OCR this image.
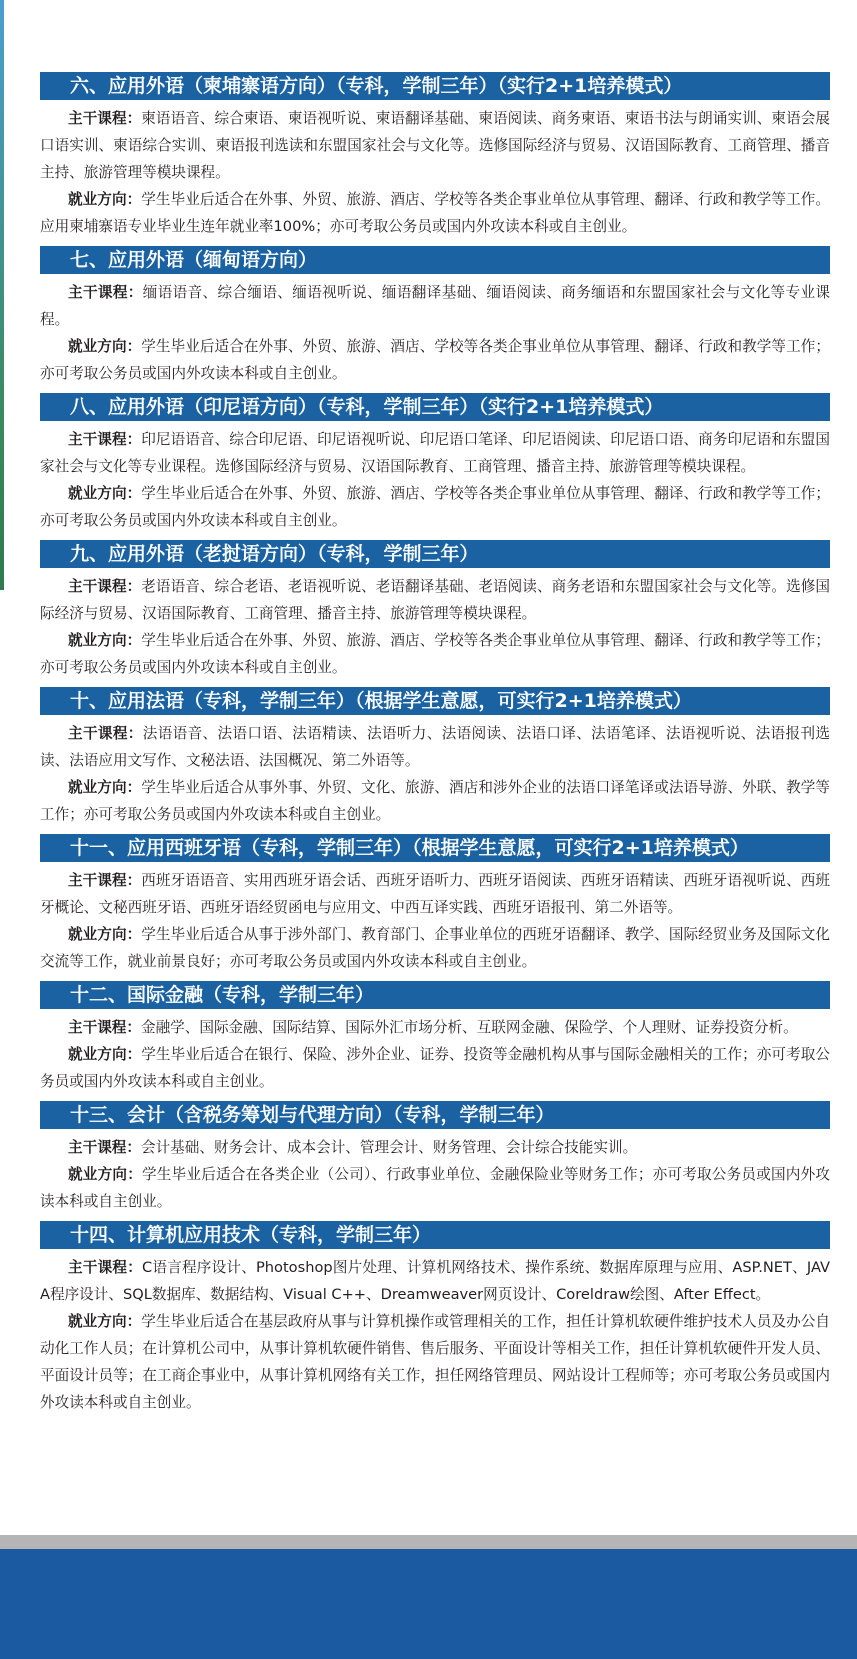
六、应用外语（柬埔寨语方向）（专科，学制三年）（实行2+1培养模式）

主干课程：柬语语音、综合柬语、柬语视听说、柬语翻译基础、柬语阅读、商务柬语、柬语书法与朗诵实训、柬语会展口语实训、柬语综合实训、柬语报刊选读和东盟国家社会与文化等。选修国际经济与贸易、汉语国际教育、工商管理、播音主持、旅游管理等模块课程。

就业方向：学生毕业后适合在外事、外贸、旅游、酒店、学校等各类企事业单位从事管理、翻译、行政和教学等工作。应用柬埔寨语专业毕业生连年就业率100%；亦可考取公务员或国内外攻读本科或自主创业。

七、应用外语（缅甸语方向）

主干课程：缅语语音、综合缅语、缅语视听说、缅语翻译基础、缅语阅读、商务缅语和东盟国家社会与文化等专业课程。

就业方向：学生毕业后适合在外事、外贸、旅游、酒店、学校等各类企事业单位从事管理、翻译、行政和教学等工作；亦可考取公务员或国内外攻读本科或自主创业。

八、应用外语（印尼语方向）（专科，学制三年）（实行2+1培养模式）

主干课程：印尼语语音、综合印尼语、印尼语视听说、印尼语口笔译、印尼语阅读、印尼语口语、商务印尼语和东盟国家社会与文化等专业课程。选修国际经济与贸易、汉语国际教育、工商管理、播音主持、旅游管理等模块课程。

就业方向：学生毕业后适合在外事、外贸、旅游、酒店、学校等各类企事业单位从事管理、翻译、行政和教学等工作；亦可考取公务员或国内外攻读本科或自主创业。

九、应用外语（老挝语方向）（专科，学制三年）

主干课程：老语语音、综合老语、老语视听说、老语翻译基础、老语阅读、商务老语和东盟国家社会与文化等。选修国际经济与贸易、汉语国际教育、工商管理、播音主持、旅游管理等模块课程。

就业方向：学生毕业后适合在外事、外贸、旅游、酒店、学校等各类企事业单位从事管理、翻译、行政和教学等工作；亦可考取公务员或国内外攻读本科或自主创业。

十、应用法语（专科，学制三年）（根据学生意愿，可实行2+1培养模式）

主干课程：法语语音、法语口语、法语精读、法语听力、法语阅读、法语口译、法语笔译、法语视听说、法语报刊选读、法语应用文写作、文秘法语、法国概况、第二外语等。

就业方向：学生毕业后适合从事外事、外贸、文化、旅游、酒店和涉外企业的法语口译笔译或法语导游、外联、教学等工作；亦可考取公务员或国内外攻读本科或自主创业。

十一、应用西班牙语（专科，学制三年）（根据学生意愿，可实行2+1培养模式）

主干课程：西班牙语语音、实用西班牙语会话、西班牙语听力、西班牙语阅读、西班牙语精读、西班牙语视听说、西班牙概论、文秘西班牙语、西班牙语经贸函电与应用文、中西互译实践、西班牙语报刊、第二外语等。

就业方向：学生毕业后适合从事于涉外部门、教育部门、企事业单位的西班牙语翻译、教学、国际经贸业务及国际文化交流等工作，就业前景良好；亦可考取公务员或国内外攻读本科或自主创业。

十二、国际金融（专科，学制三年）

主干课程：金融学、国际金融、国际结算、国际外汇市场分析、互联网金融、保险学、个人理财、证券投资分析。

就业方向：学生毕业后适合在银行、保险、涉外企业、证券、投资等金融机构从事与国际金融相关的工作；亦可考取公务员或国内外攻读本科或自主创业。

十三、会计（含税务筹划与代理方向）（专科，学制三年）

主干课程：会计基础、财务会计、成本会计、管理会计、财务管理、会计综合技能实训。

就业方向：学生毕业后适合在各类企业（公司）、行政事业单位、金融保险业等财务工作；亦可考取公务员或国内外攻读本科或自主创业。

十四、计算机应用技术（专科，学制三年）

主干课程：C语言程序设计、Photoshop图片处理、计算机网络技术、操作系统、数据库原理与应用、ASP.NET、JAVA程序设计、SQL数据库、数据结构、Visual C++、Dreamweaver网页设计、Coreldraw绘图、After Effect。

就业方向：学生毕业后适合在基层政府从事与计算机操作或管理相关的工作，担任计算机软硬件维护技术人员及办公自动化工作人员；在计算机公司中，从事计算机软硬件销售、售后服务、平面设计等相关工作，担任计算机软硬件开发人员、平面设计员等；在工商企事业中，从事计算机网络有关工作，担任网络管理员、网站设计工程师等；亦可考取公务员或国内外攻读本科或自主创业。
